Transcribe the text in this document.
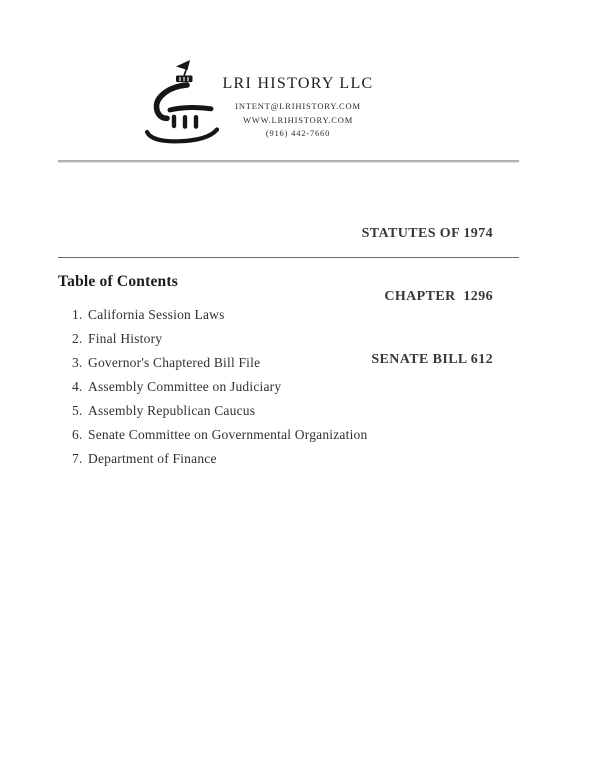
LRI HISTORY LLC
INTENT@LRIHISTORY.COM
WWW.LRIHISTORY.COM
(916) 442-7660

STATUTES OF 1974

CHAPTER  1296

SENATE BILL 612

Table of Contents
1. California Session Laws
2. Final History
3. Governor's Chaptered Bill File
4. Assembly Committee on Judiciary
5. Assembly Republican Caucus
6. Senate Committee on Governmental Organization
7. Department of Finance
